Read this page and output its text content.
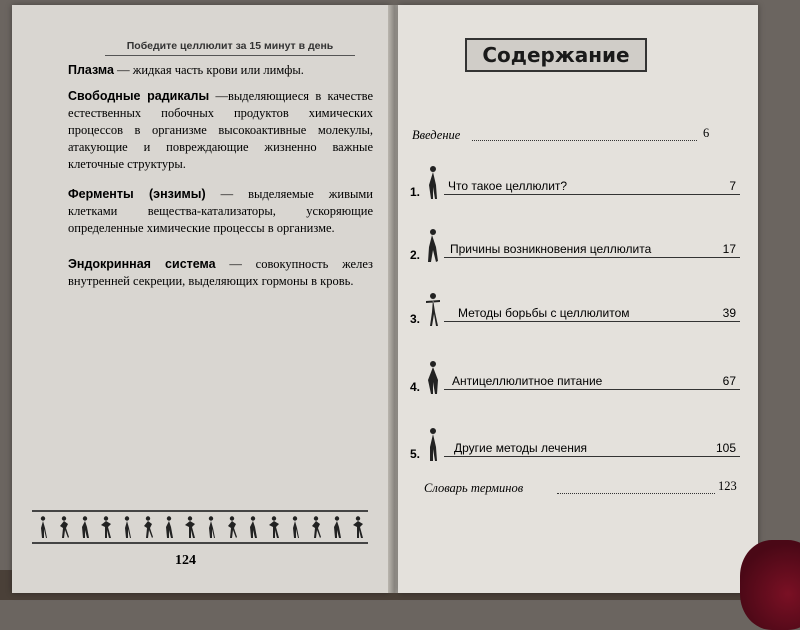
Победите целлюлит за 15 минут в день
Плазма — жидкая часть крови или лимфы.
Свободные радикалы —выделяющиеся в качестве естественных побочных продуктов химических процессов в организме высокоактивные молекулы, атакующие и повреждающие жизненно важные клеточные структуры.
Ферменты (энзимы) — выделяемые живыми клетками вещества-катализаторы, ускоряющие определенные химические процессы в организме.
Эндокринная система — совокупность желез внутренней секреции, выделяющих гормоны в кровь.
124
Содержание
Введение	6
1. Что такое целлюлит?	7
2. Причины возникновения целлюлита	17
3.	Методы борьбы с целлюлитом	39
4.	Антицеллюлитное питание	67
5.	Другие методы лечения	105
Словарь терминов	123
